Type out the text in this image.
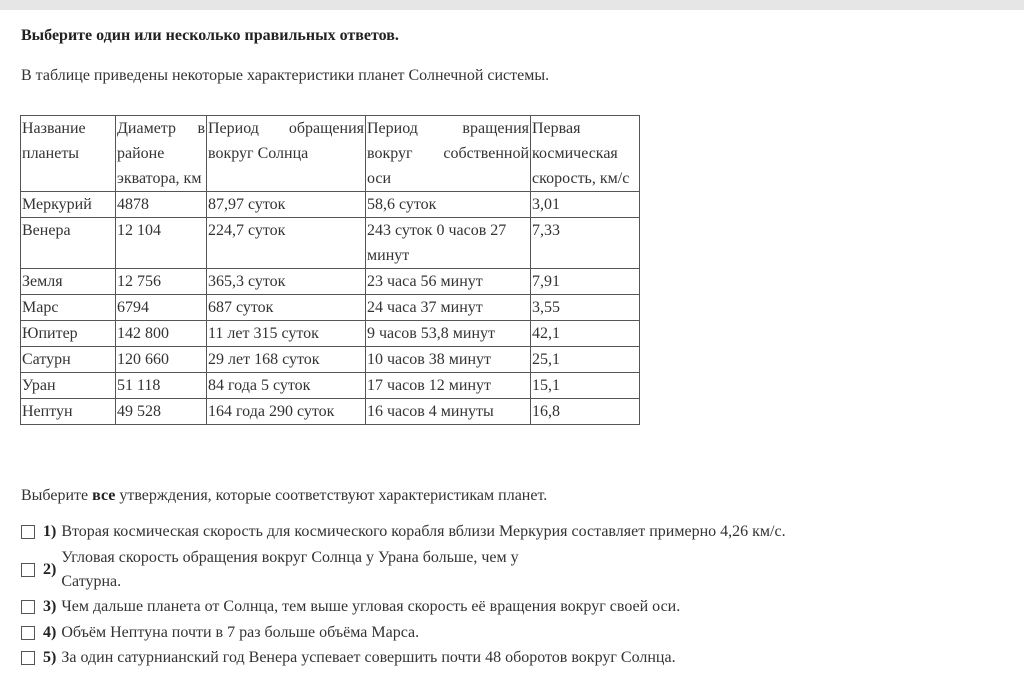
Выберите один или несколько правильных ответов.

В таблице приведены некоторые характеристики планет Солнечной системы.

Название планеты	Диаметр в районе экватора, км	Период обращения вокруг Солнца	Период вращения вокруг собственной оси	Первая космическая скорость, км/с
Меркурий	4878	87,97 суток	58,6 суток	3,01
Венера	12 104	224,7 суток	243 суток 0 часов 27 минут	7,33
Земля	12 756	365,3 суток	23 часа 56 минут	7,91
Марс	6794	687 суток	24 часа 37 минут	3,55
Юпитер	142 800	11 лет 315 суток	9 часов 53,8 минут	42,1
Сатурн	120 660	29 лет 168 суток	10 часов 38 минут	25,1
Уран	51 118	84 года 5 суток	17 часов 12 минут	15,1
Нептун	49 528	164 года 290 суток	16 часов 4 минуты	16,8

Выберите все утверждения, которые соответствуют характеристикам планет.

1) Вторая космическая скорость для космического корабля вблизи Меркурия составляет примерно 4,26 км/с.
2)
Угловая скорость обращения вокруг Солнца у Урана больше, чем у Сатурна.
3) Чем дальше планета от Солнца, тем выше угловая скорость её вращения вокруг своей оси.
4) Объём Нептуна почти в 7 раз больше объёма Марса.
5) За один сатурнианский год Венера успевает совершить почти 48 оборотов вокруг Солнца.
